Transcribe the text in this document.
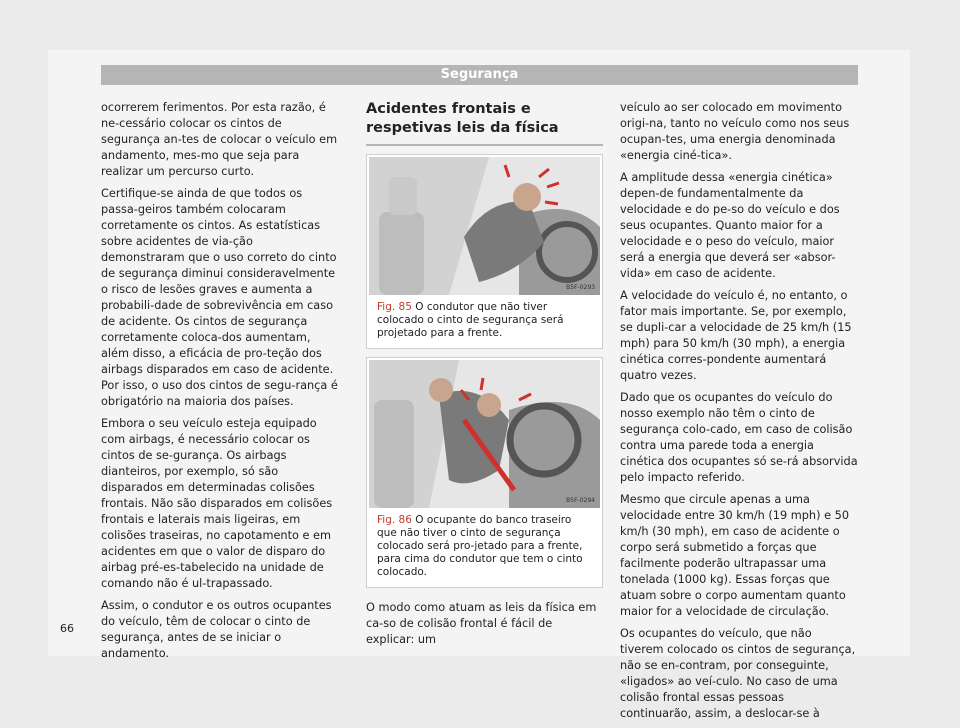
Segurança

ocorrerem ferimentos. Por esta razão, é ne-cessário colocar os cintos de segurança an-tes de colocar o veículo em andamento, mes-mo que seja para realizar um percurso curto.

Certifique-se ainda de que todos os passa-geiros também colocaram corretamente os cintos. As estatísticas sobre acidentes de via-ção demonstraram que o uso correto do cinto de segurança diminui consideravelmente o risco de lesões graves e aumenta a probabili-dade de sobrevivência em caso de acidente. Os cintos de segurança corretamente coloca-dos aumentam, além disso, a eficácia de pro-teção dos airbags disparados em caso de acidente. Por isso, o uso dos cintos de segu-rança é obrigatório na maioria dos países.

Embora o seu veículo esteja equipado com airbags, é necessário colocar os cintos de se-gurança. Os airbags dianteiros, por exemplo, só são disparados em determinadas colisões frontais. Não são disparados em colisões frontais e laterais mais ligeiras, em colisões traseiras, no capotamento e em acidentes em que o valor de disparo do airbag pré-es-tabelecido na unidade de comando não é ul-trapassado.

Assim, o condutor e os outros ocupantes do veículo, têm de colocar o cinto de segurança, antes de se iniciar o andamento.

Acidentes frontais e respetivas leis da física
B5F-0293
Fig. 85 O condutor que não tiver colocado o cinto de segurança será projetado para a frente.
B5F-0294
Fig. 86 O ocupante do banco traseiro que não tiver o cinto de segurança colocado será pro-jetado para a frente, para cima do condutor que tem o cinto colocado.

O modo como atuam as leis da física em ca-so de colisão frontal é fácil de explicar: um

veículo ao ser colocado em movimento origi-na, tanto no veículo como nos seus ocupan-tes, uma energia denominada «energia ciné-tica».

A amplitude dessa «energia cinética» depen-de fundamentalmente da velocidade e do pe-so do veículo e dos seus ocupantes. Quanto maior for a velocidade e o peso do veículo, maior será a energia que deverá ser «absor-vida» em caso de acidente.

A velocidade do veículo é, no entanto, o fator mais importante. Se, por exemplo, se dupli-car a velocidade de 25 km/h (15 mph) para 50 km/h (30 mph), a energia cinética corres-pondente aumentará quatro vezes.

Dado que os ocupantes do veículo do nosso exemplo não têm o cinto de segurança colo-cado, em caso de colisão contra uma parede toda a energia cinética dos ocupantes só se-rá absorvida pelo impacto referido.

Mesmo que circule apenas a uma velocidade entre 30 km/h (19 mph) e 50 km/h (30 mph), em caso de acidente o corpo será submetido a forças que facilmente poderão ultrapassar uma tonelada (1000 kg). Essas forças que atuam sobre o corpo aumentam quanto maior for a velocidade de circulação.

Os ocupantes do veículo, que não tiverem colocado os cintos de segurança, não se en-contram, por conseguinte, «ligados» ao veí-culo. No caso de uma colisão frontal essas pessoas continuarão, assim, a deslocar-se à

66
